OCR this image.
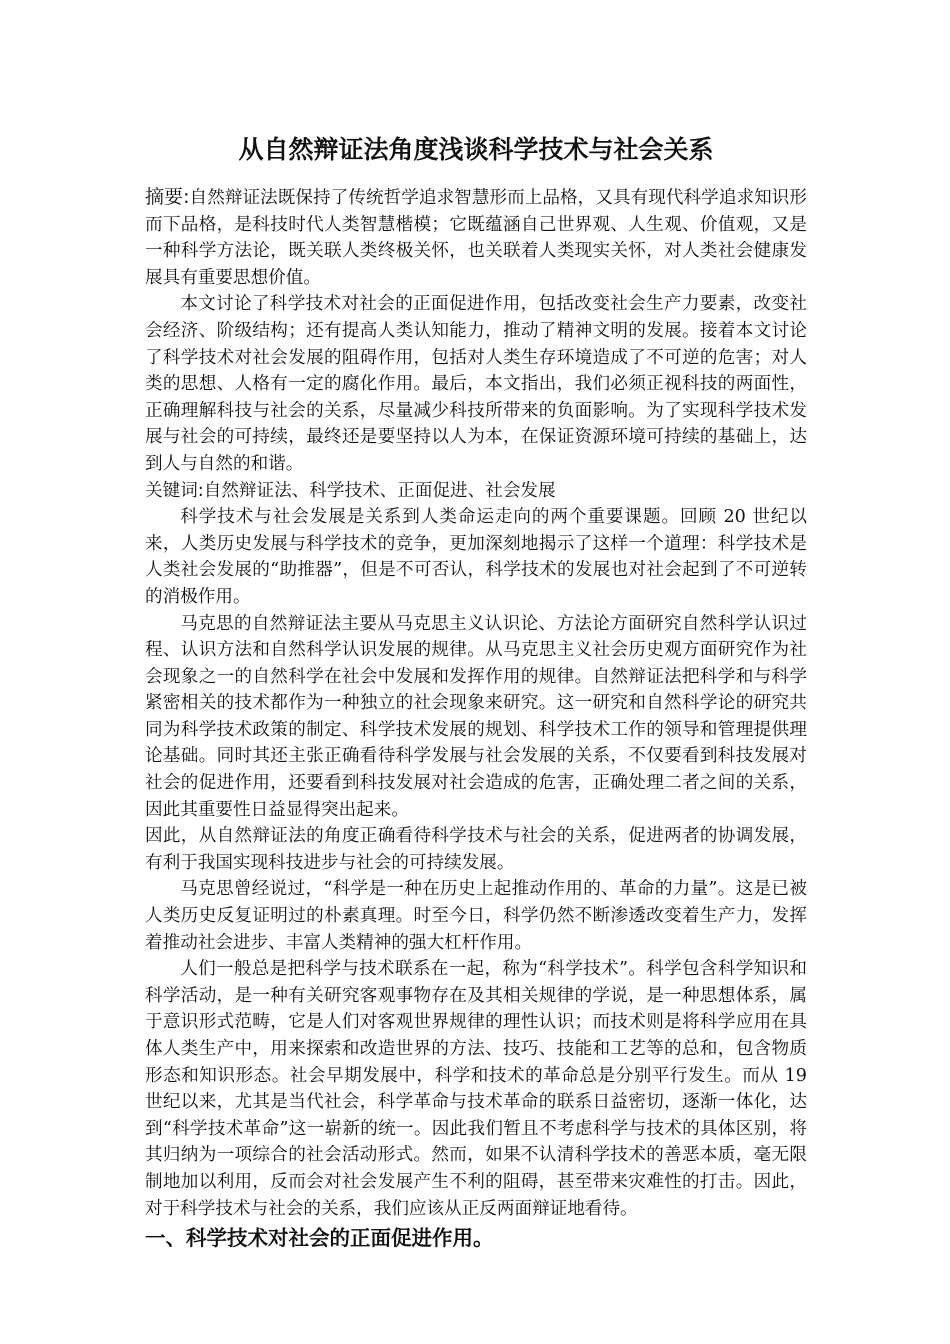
从自然辩证法角度浅谈科学技术与社会关系

摘要:自然辩证法既保持了传统哲学追求智慧形而上品格，又具有现代科学追求知识形而下品格，是科技时代人类智慧楷模；它既蕴涵自己世界观、人生观、价值观，又是一种科学方法论，既关联人类终极关怀，也关联着人类现实关怀，对人类社会健康发展具有重要思想价值。

本文讨论了科学技术对社会的正面促进作用，包括改变社会生产力要素，改变社会经济、阶级结构；还有提高人类认知能力，推动了精神文明的发展。接着本文讨论了科学技术对社会发展的阻碍作用，包括对人类生存环境造成了不可逆的危害；对人类的思想、人格有一定的腐化作用。最后，本文指出，我们必须正视科技的两面性，正确理解科技与社会的关系，尽量减少科技所带来的负面影响。为了实现科学技术发展与社会的可持续，最终还是要坚持以人为本，在保证资源环境可持续的基础上，达到人与自然的和谐。

关键词:自然辩证法、科学技术、正面促进、社会发展

科学技术与社会发展是关系到人类命运走向的两个重要课题。回顾 20 世纪以来，人类历史发展与科学技术的竞争，更加深刻地揭示了这样一个道理：科学技术是人类社会发展的“助推器”，但是不可否认，科学技术的发展也对社会起到了不可逆转的消极作用。

马克思的自然辩证法主要从马克思主义认识论、方法论方面研究自然科学认识过程、认识方法和自然科学认识发展的规律。从马克思主义社会历史观方面研究作为社会现象之一的自然科学在社会中发展和发挥作用的规律。自然辩证法把科学和与科学紧密相关的技术都作为一种独立的社会现象来研究。这一研究和自然科学论的研究共同为科学技术政策的制定、科学技术发展的规划、科学技术工作的领导和管理提供理论基础。同时其还主张正确看待科学发展与社会发展的关系，不仅要看到科技发展对社会的促进作用，还要看到科技发展对社会造成的危害，正确处理二者之间的关系，因此其重要性日益显得突出起来。

因此，从自然辩证法的角度正确看待科学技术与社会的关系，促进两者的协调发展，有利于我国实现科技进步与社会的可持续发展。

马克思曾经说过，“科学是一种在历史上起推动作用的、革命的力量”。这是已被人类历史反复证明过的朴素真理。时至今日，科学仍然不断渗透改变着生产力，发挥着推动社会进步、丰富人类精神的强大杠杆作用。

人们一般总是把科学与技术联系在一起，称为“科学技术”。科学包含科学知识和科学活动，是一种有关研究客观事物存在及其相关规律的学说，是一种思想体系，属于意识形式范畴，它是人们对客观世界规律的理性认识；而技术则是将科学应用在具体人类生产中，用来探索和改造世界的方法、技巧、技能和工艺等的总和，包含物质形态和知识形态。社会早期发展中，科学和技术的革命总是分别平行发生。而从 19 世纪以来，尤其是当代社会，科学革命与技术革命的联系日益密切，逐渐一体化，达到“科学技术革命”这一崭新的统一。因此我们暂且不考虑科学与技术的具体区别，将其归纳为一项综合的社会活动形式。然而，如果不认清科学技术的善恶本质，毫无限制地加以利用，反而会对社会发展产生不利的阻碍，甚至带来灾难性的打击。因此，对于科学技术与社会的关系，我们应该从正反两面辩证地看待。

一、科学技术对社会的正面促进作用。
